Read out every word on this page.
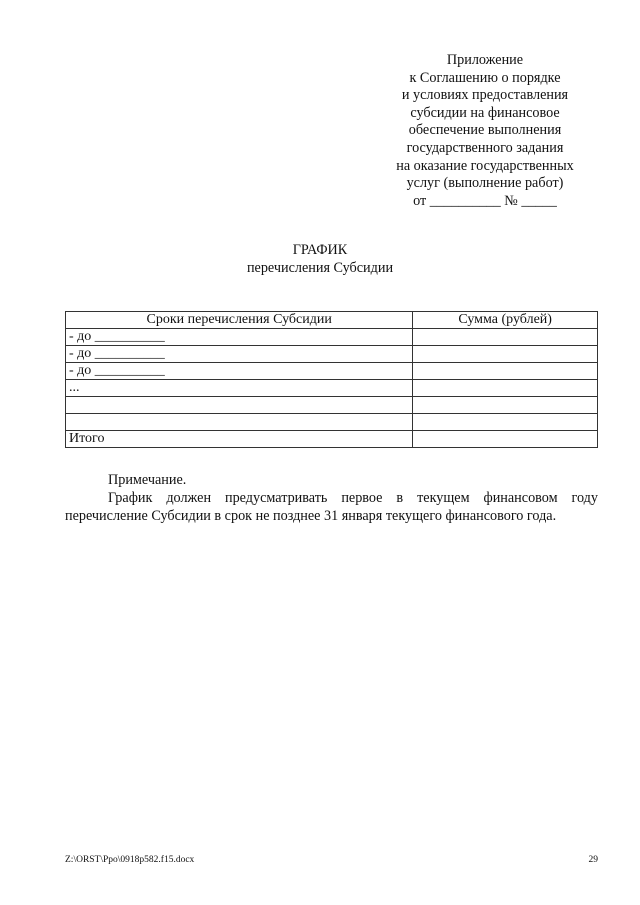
Приложение
к Соглашению о порядке
и условиях предоставления
субсидии на финансовое
обеспечение выполнения
государственного задания
на оказание государственных
услуг (выполнение работ)
от __________ № _____
ГРАФИК
перечисления Субсидии
Сроки перечисления Субсидии	Сумма (рублей)
- до __________	
- до __________	
- до __________	
...	

Итого	

Примечание.

График должен предусматривать первое в текущем финансовом году перечисление Субсидии в срок не позднее 31 января текущего финансового года.

Z:\ORST\Ppo\0918p582.f15.docx	29
